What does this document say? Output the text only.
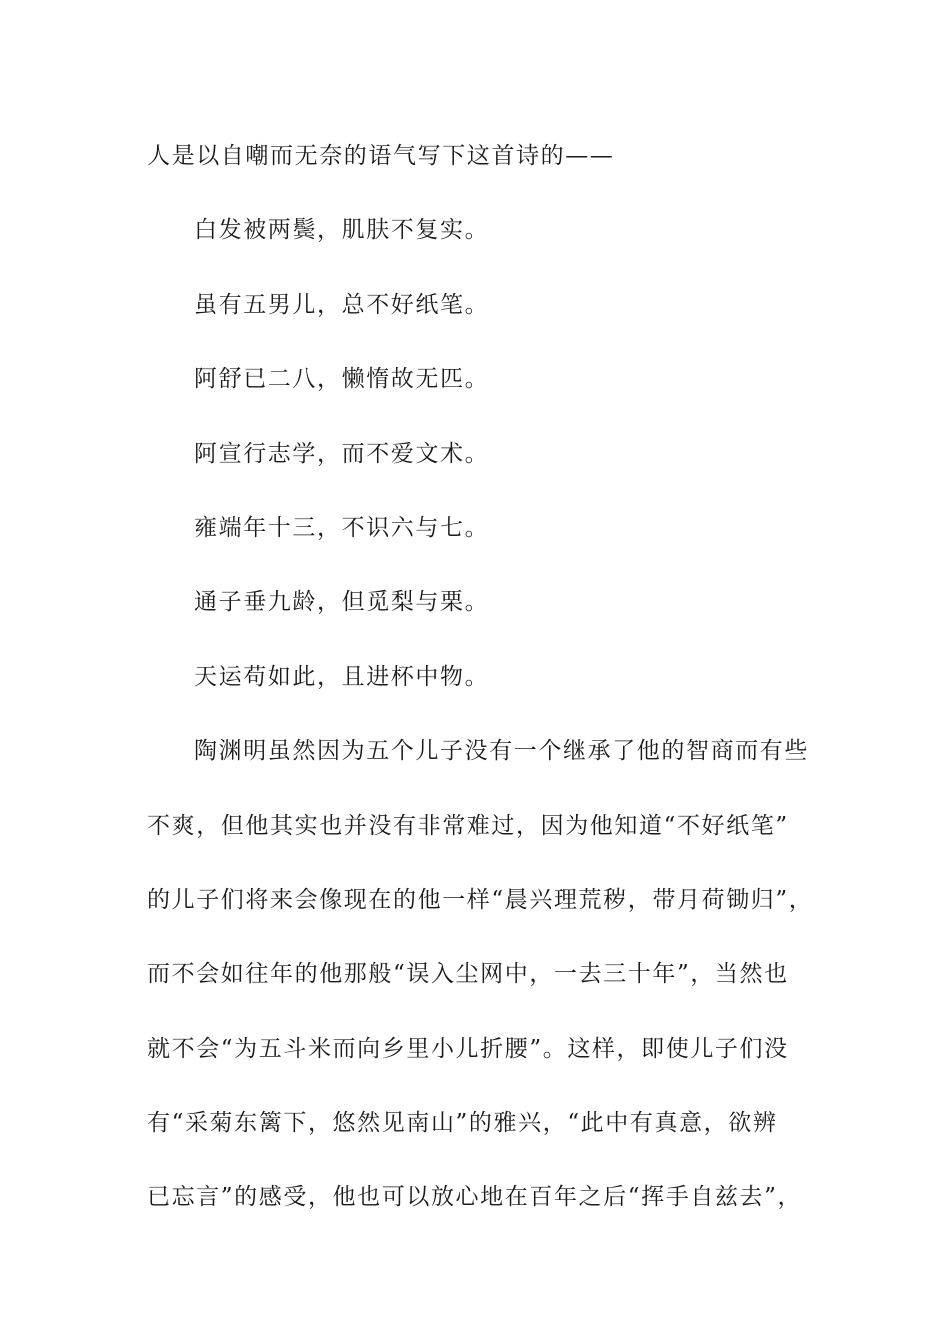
人是以自嘲而无奈的语气写下这首诗的——
白发被两鬓，肌肤不复实。
虽有五男儿，总不好纸笔。
阿舒已二八，懒惰故无匹。
阿宣行志学，而不爱文术。
雍端年十三，不识六与七。
通子垂九龄，但觅梨与栗。
天运苟如此，且进杯中物。
陶渊明虽然因为五个儿子没有一个继承了他的智商而有些
不爽，但他其实也并没有非常难过，因为他知道“不好纸笔”
的儿子们将来会像现在的他一样“晨兴理荒秽，带月荷锄归”，
而不会如往年的他那般“误入尘网中，一去三十年”，当然也
就不会“为五斗米而向乡里小儿折腰”。这样，即使儿子们没
有“采菊东篱下，悠然见南山”的雅兴，“此中有真意，欲辨
已忘言”的感受，他也可以放心地在百年之后“挥手自兹去”，
